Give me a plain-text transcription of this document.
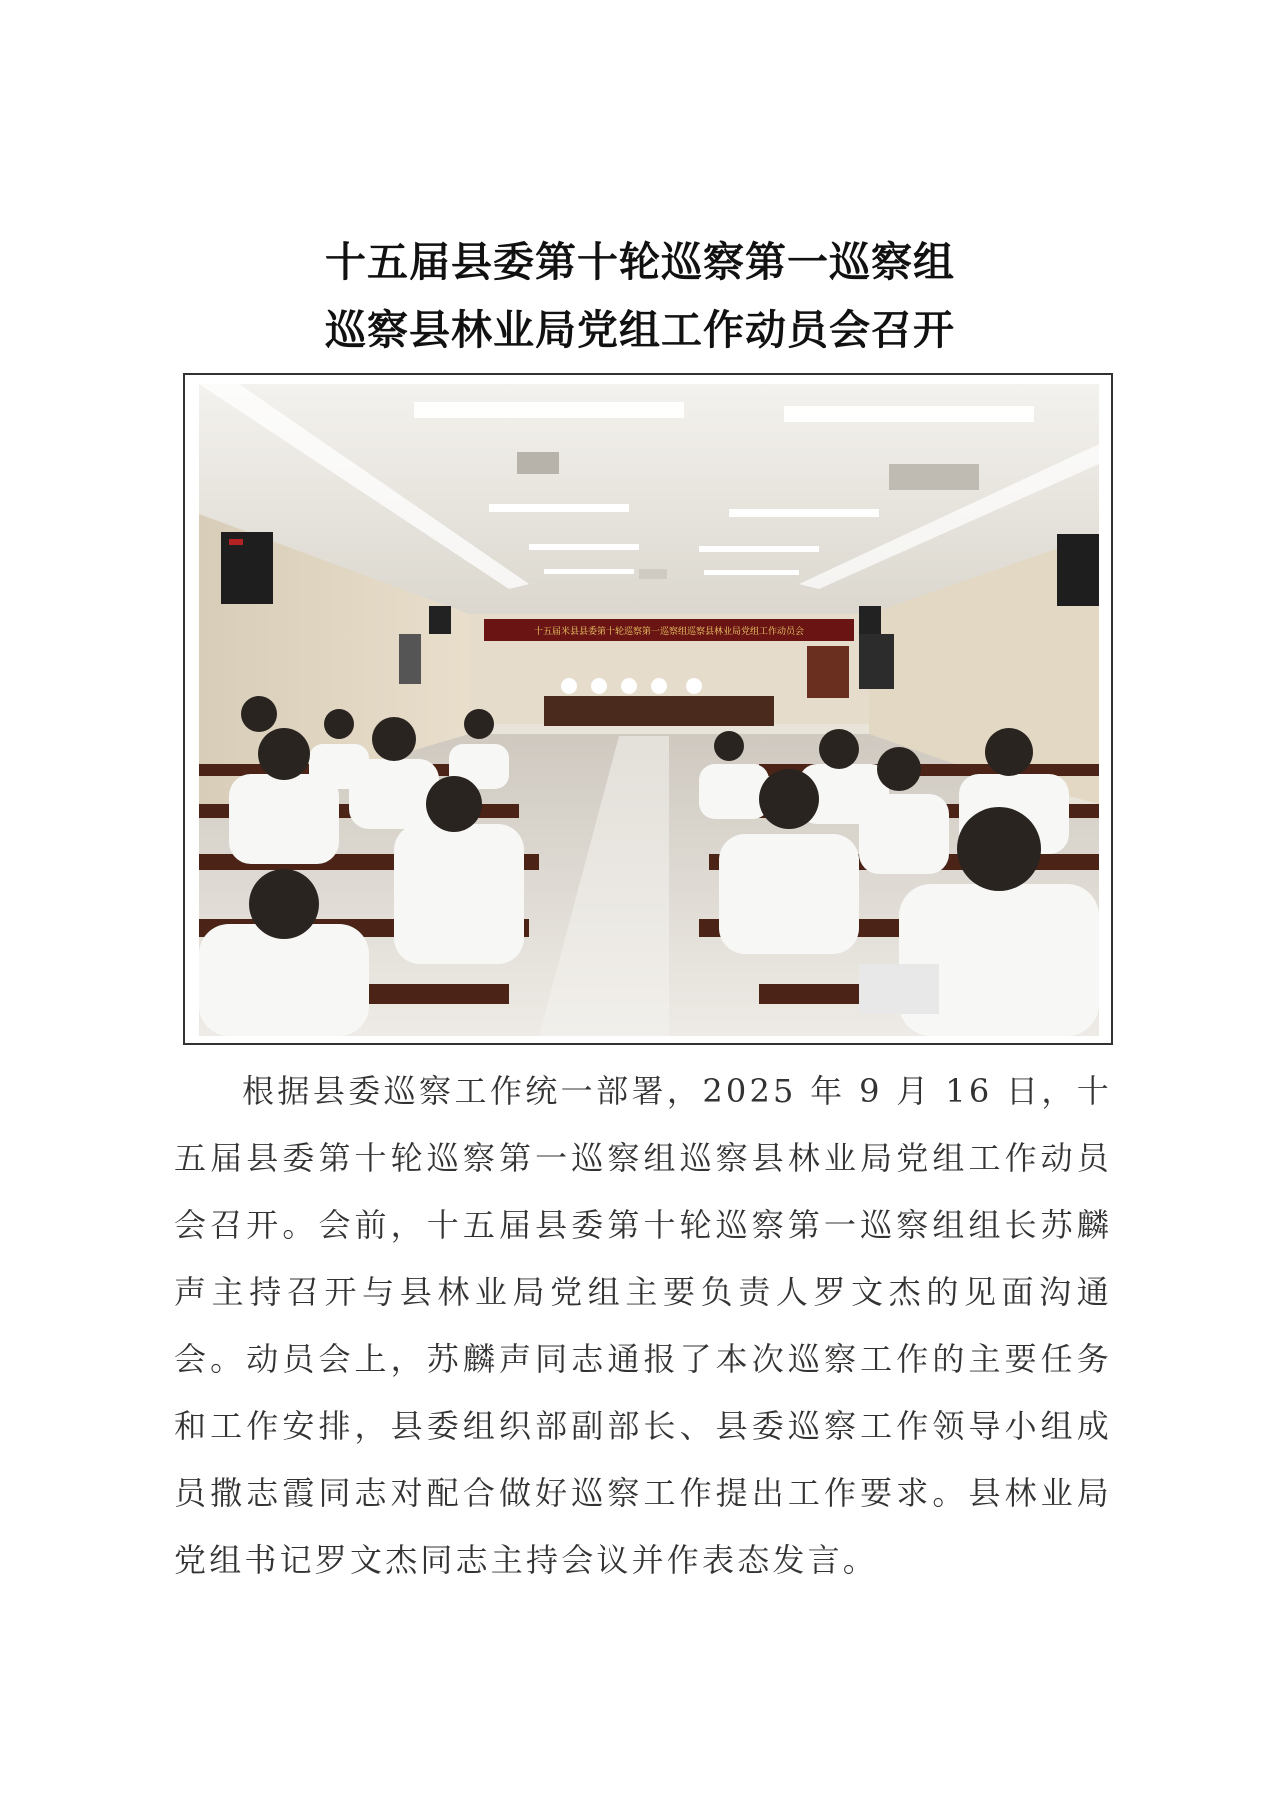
十五届县委第十轮巡察第一巡察组
巡察县林业局党组工作动员会召开
十五届米县县委第十轮巡察第一巡察组巡察县林业局党组工作动员会

根据县委巡察工作统一部署，2025 年 9 月 16 日，十五届县委第十轮巡察第一巡察组巡察县林业局党组工作动员会召开。会前，十五届县委第十轮巡察第一巡察组组长苏麟声主持召开与县林业局党组主要负责人罗文杰的见面沟通会。动员会上，苏麟声同志通报了本次巡察工作的主要任务和工作安排，县委组织部副部长、县委巡察工作领导小组成员撒志霞同志对配合做好巡察工作提出工作要求。县林业局党组书记罗文杰同志主持会议并作表态发言。
